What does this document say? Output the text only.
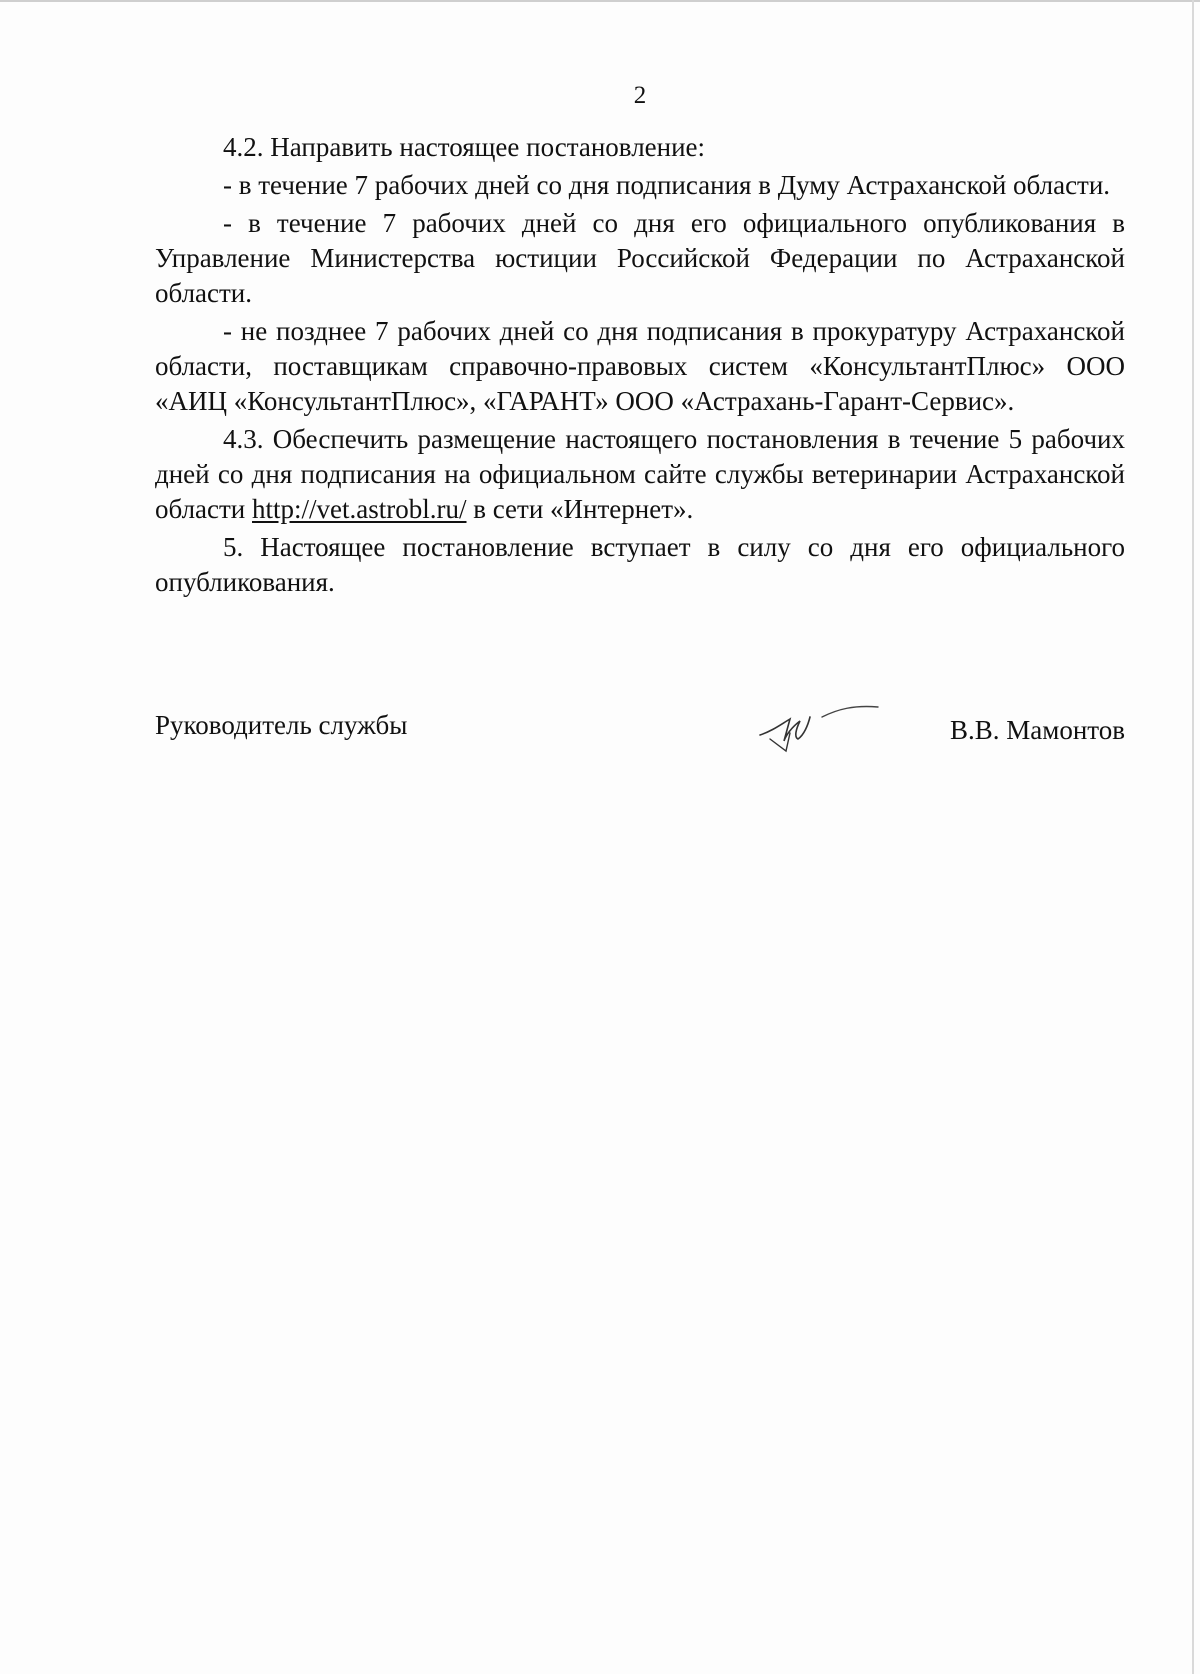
2

4.2. Направить настоящее постановление:

- в течение 7 рабочих дней со дня подписания в Думу Астраханской области.

- в течение 7 рабочих дней со дня его официального опубликования в Управление Министерства юстиции Российской Федерации по Астраханской области.

- не позднее 7 рабочих дней со дня подписания в прокуратуру Астраханской области, поставщикам справочно-правовых систем «КонсультантПлюс» ООО «АИЦ «КонсультантПлюс», «ГАРАНТ» ООО «Астрахань-Гарант-Сервис».

4.3. Обеспечить размещение настоящего постановления в течение 5 рабочих дней со дня подписания на официальном сайте службы ветеринарии Астраханской области http://vet.astrobl.ru/ в сети «Интернет».

5. Настоящее постановление вступает в силу со дня его официального опубликования.

Руководитель службы	В.В. Мамонтов
